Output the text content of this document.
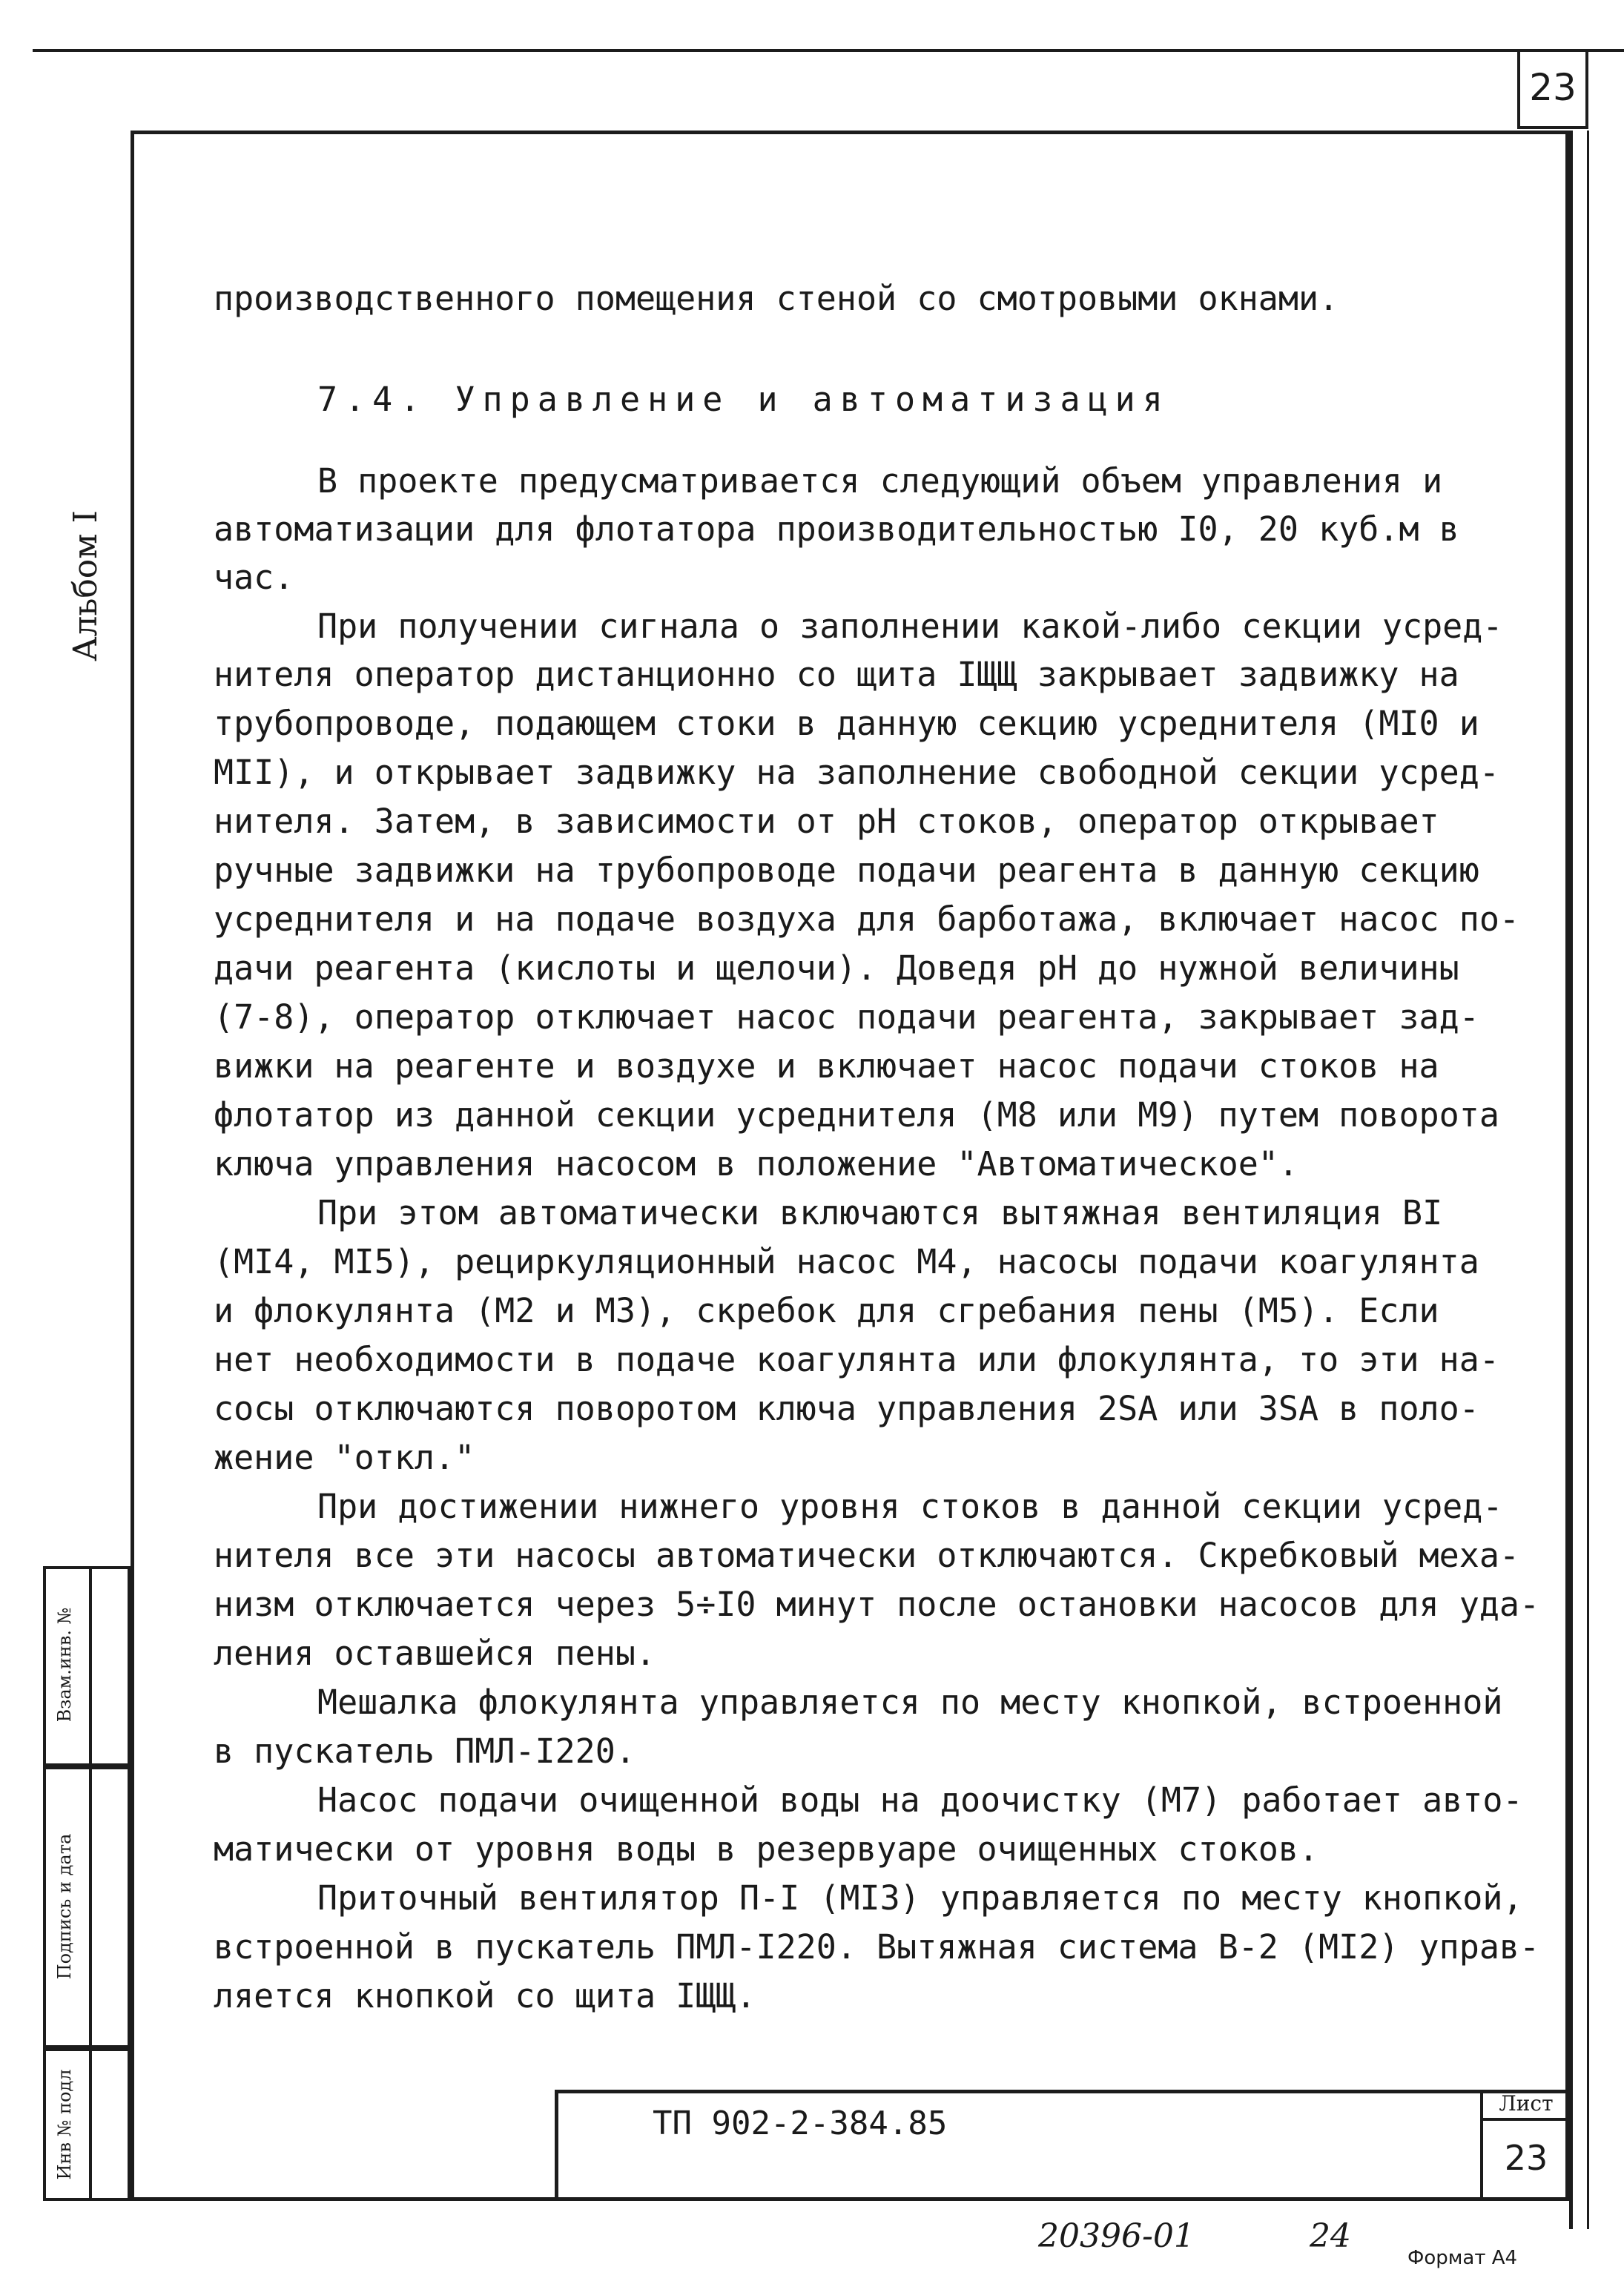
23
Альбом I
Взам.инв. №
Подпись и дата
Инв № подл
производственного помещения стеной со смотровыми окнами.
7.4. Управление и автоматизация
В проекте предусматривается следующий объем управления и
автоматизации для флотатора производительностью I0, 20 куб.м в
час.
При получении сигнала о заполнении какой-либо секции усред-
нителя оператор дистанционно со щита IЩЩ закрывает задвижку на
трубопроводе, подающем стоки в данную секцию усреднителя (MI0 и
MII), и открывает задвижку на заполнение свободной секции усред-
нителя. Затем, в зависимости от pH стоков, оператор открывает
ручные задвижки на трубопроводе подачи реагента в данную секцию
усреднителя и на подаче воздуха для барботажа, включает насос по-
дачи реагента (кислоты и щелочи). Доведя pH до нужной величины
(7-8), оператор отключает насос подачи реагента, закрывает зад-
вижки на реагенте и воздухе и включает насос подачи стоков на
флотатор из данной секции усреднителя (M8 или M9) путем поворота
ключа управления насосом в положение "Автоматическое".
При этом автоматически включаются вытяжная вентиляция BI
(MI4, MI5), рециркуляционный насос M4, насосы подачи коагулянта
и флокулянта (M2 и M3), скребок для сгребания пены (M5). Если
нет необходимости в подаче коагулянта или флокулянта, то эти на-
сосы отключаются поворотом ключа управления 2SA или 3SA в поло-
жение "откл."
При достижении нижнего уровня стоков в данной секции усред-
нителя все эти насосы автоматически отключаются. Скребковый меха-
низм отключается через 5÷I0 минут после остановки насосов для уда-
ления оставшейся пены.
Мешалка флокулянта управляется по месту кнопкой, встроенной
в пускатель ПМЛ-I220.
Насос подачи очищенной воды на доочистку (M7) работает авто-
матически от уровня воды в резервуаре очищенных стоков.
Приточный вентилятор П-I (MI3) управляется по месту кнопкой,
встроенной в пускатель ПМЛ-I220. Вытяжная система В-2 (MI2) управ-
ляется кнопкой со щита IЩЩ.
ТП 902-2-384.85
Лист
23
20396-01	24
Формат А4
